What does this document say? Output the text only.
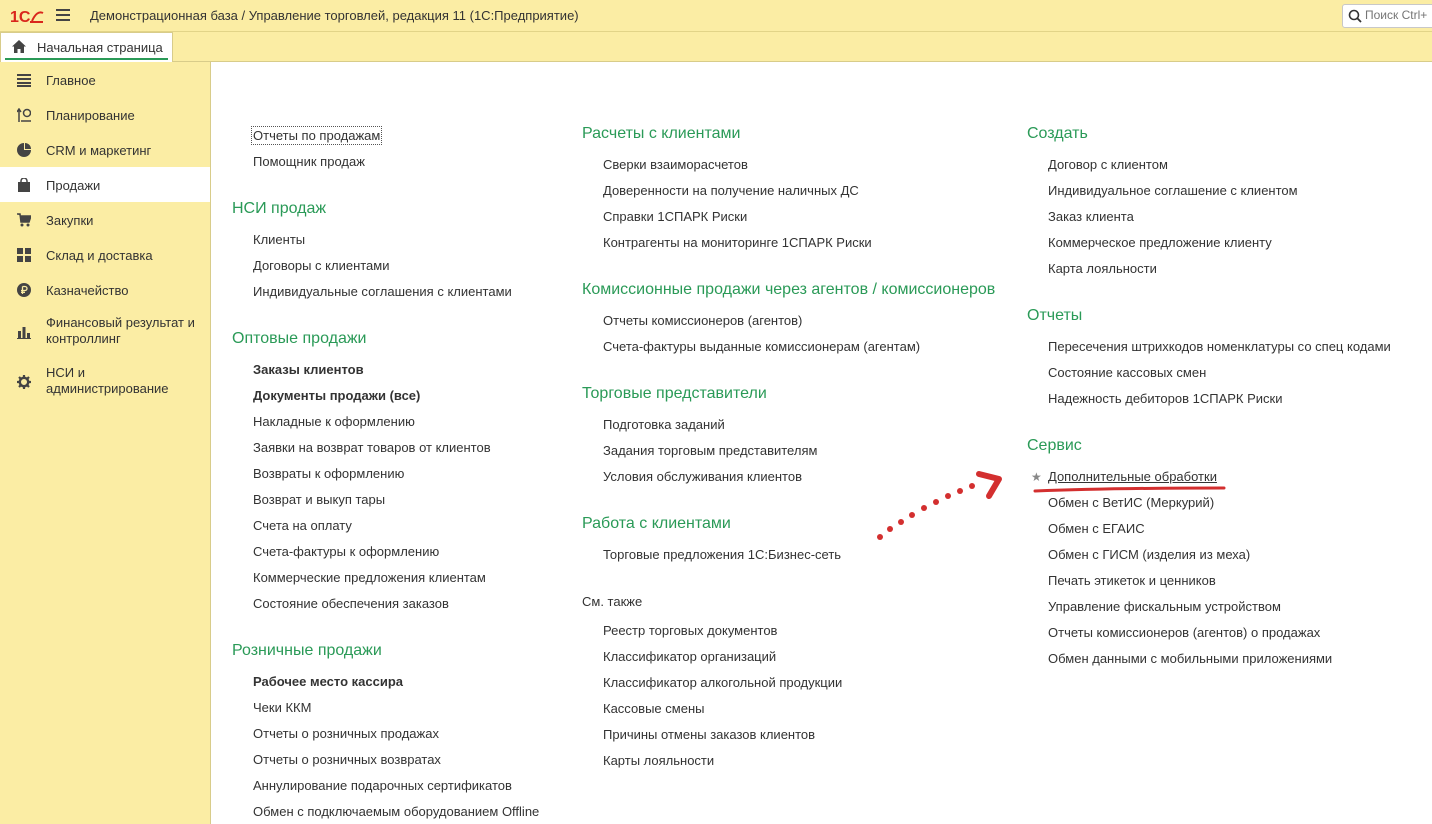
1С	Демонстрационная база / Управление торговлей, редакция 11 (1С:Предприятие)
Поиск Ctrl+
Начальная страница
Главное
Планирование
CRM и маркетинг
Продажи
Закупки
Склад и доставка
Казначейство
Финансовый результат и контроллинг
НСИ и администрирование
Отчеты по продажам
Помощник продаж
НСИ продаж
Клиенты
Договоры с клиентами
Индивидуальные соглашения с клиентами
Оптовые продажи
Заказы клиентов
Документы продажи (все)
Накладные к оформлению
Заявки на возврат товаров от клиентов
Возвраты к оформлению
Возврат и выкуп тары
Счета на оплату
Счета-фактуры к оформлению
Коммерческие предложения клиентам
Состояние обеспечения заказов
Розничные продажи
Рабочее место кассира
Чеки ККМ
Отчеты о розничных продажах
Отчеты о розничных возвратах
Аннулирование подарочных сертификатов
Обмен с подключаемым оборудованием Offline
Расчеты с клиентами
Сверки взаиморасчетов
Доверенности на получение наличных ДС
Справки 1СПАРК Риски
Контрагенты на мониторинге 1СПАРК Риски
Комиссионные продажи через агентов / комиссионеров
Отчеты комиссионеров (агентов)
Счета-фактуры выданные комиссионерам (агентам)
Торговые представители
Подготовка заданий
Задания торговым представителям
Условия обслуживания клиентов
Работа с клиентами
Торговые предложения 1С:Бизнес-сеть
См. также
Реестр торговых документов
Классификатор организаций
Классификатор алкогольной продукции
Кассовые смены
Причины отмены заказов клиентов
Карты лояльности
Создать
Договор с клиентом
Индивидуальное соглашение с клиентом
Заказ клиента
Коммерческое предложение клиенту
Карта лояльности
Отчеты
Пересечения штрихкодов номенклатуры со спец кодами
Состояние кассовых смен
Надежность дебиторов 1СПАРК Риски
Сервис
★ Дополнительные обработки
Обмен с ВетИС (Меркурий)
Обмен с ЕГАИС
Обмен с ГИСМ (изделия из меха)
Печать этикеток и ценников
Управление фискальным устройством
Отчеты комиссионеров (агентов) о продажах
Обмен данными с мобильными приложениями
